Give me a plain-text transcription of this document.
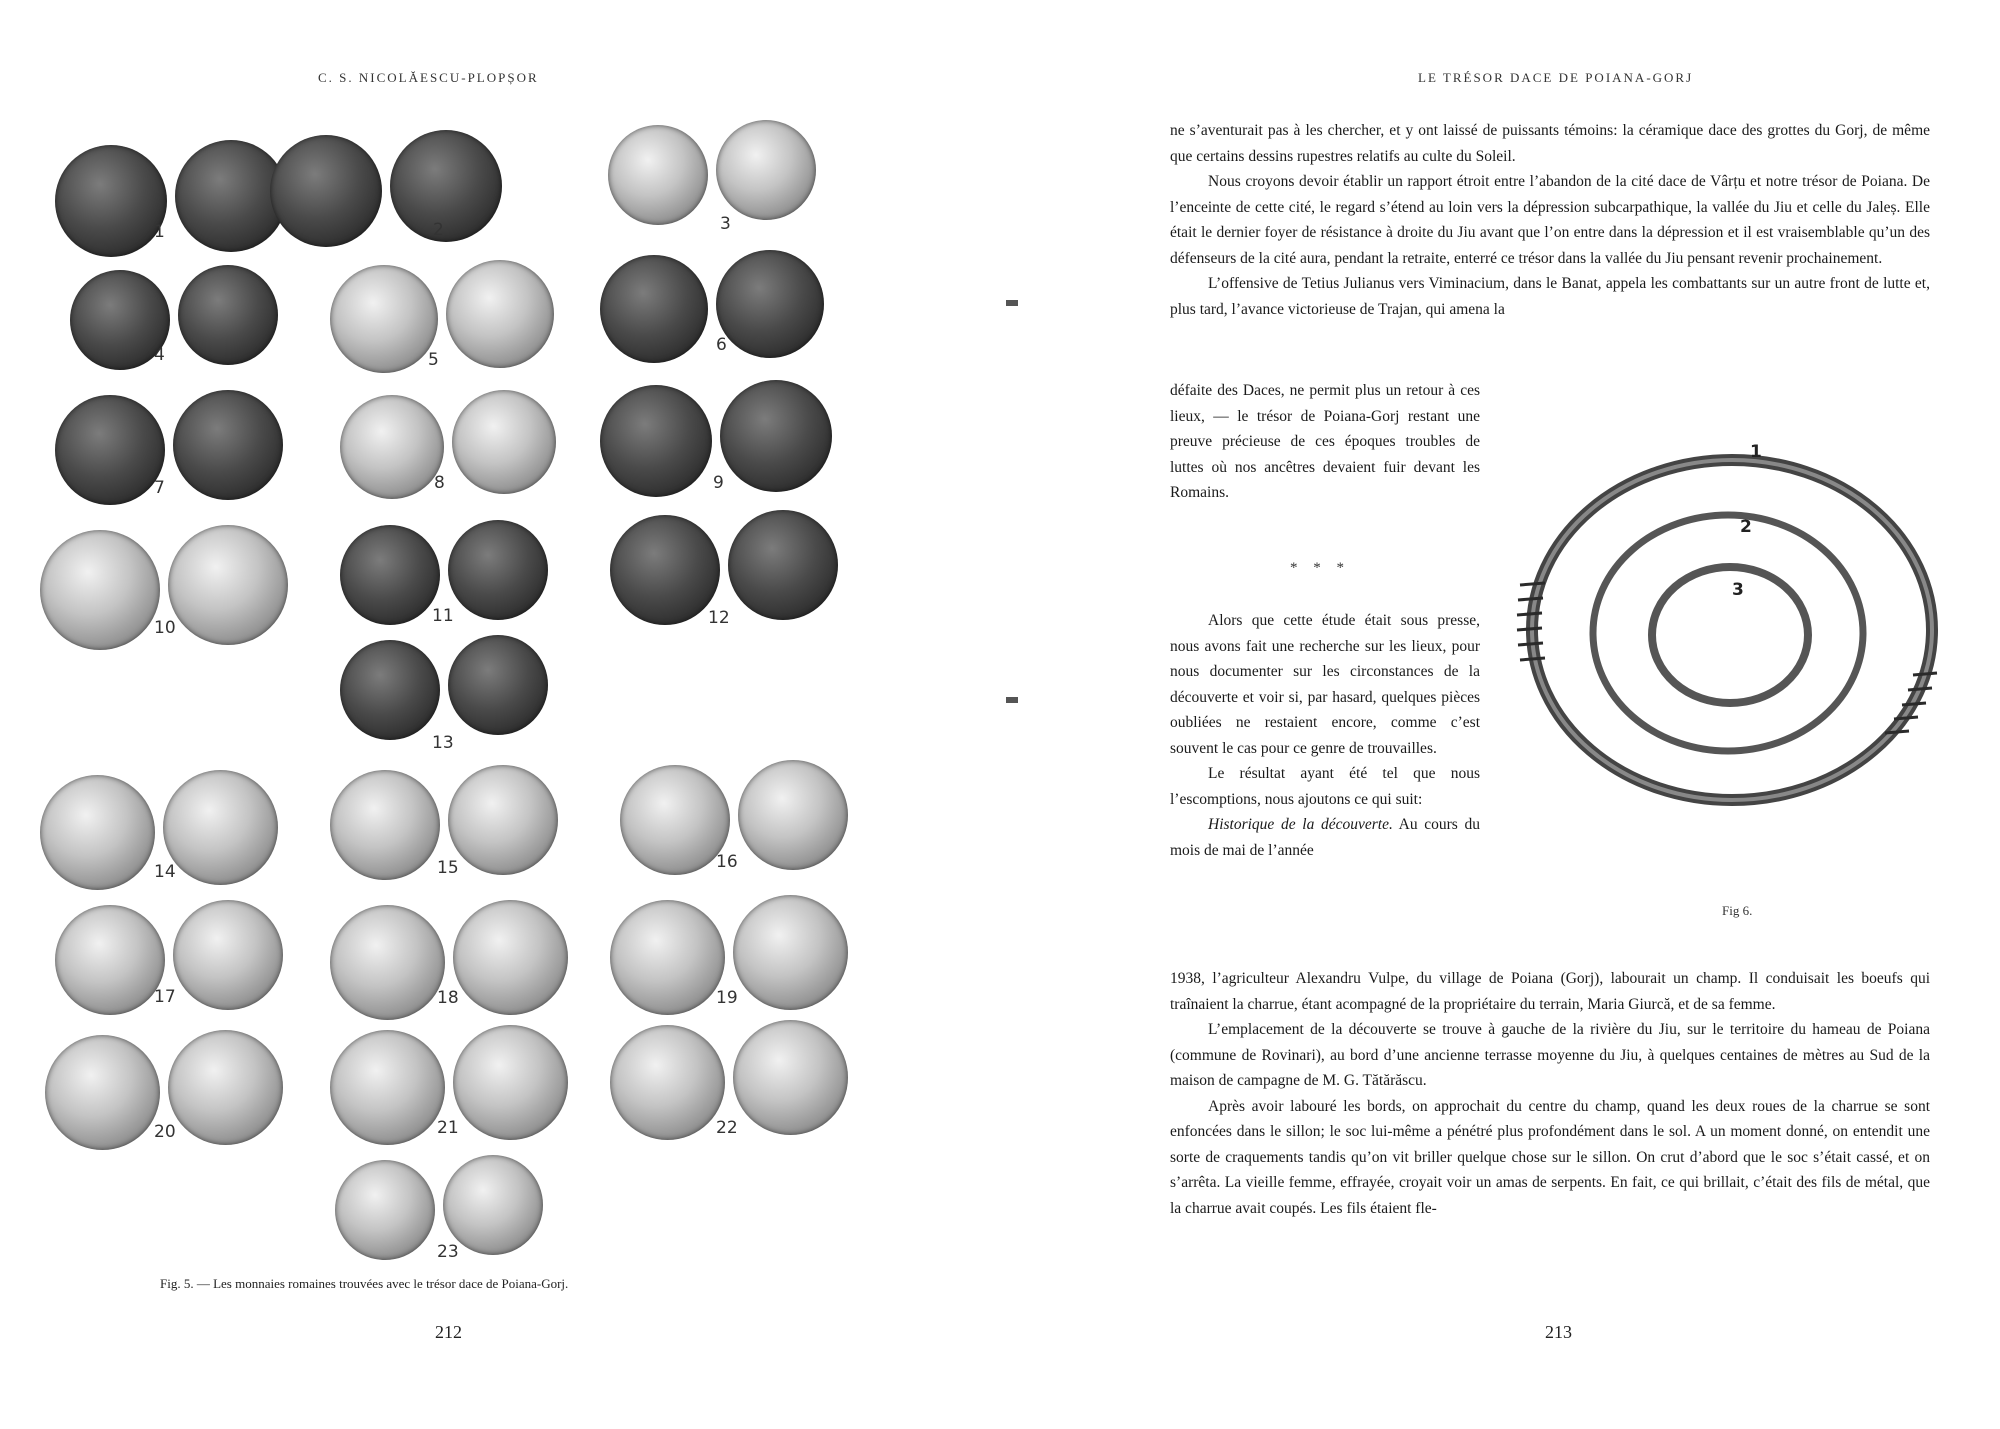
C. S. NICOLĂESCU-PLOPȘOR
1	2	3
4	5
6
7	8	9
10
11	12
13
14	15	16
17	18	19
20	21	22
23
Fig. 5. — Les monnaies romaines trouvées avec le trésor dace de Poiana-Gorj.
212
LE TRÉSOR DACE DE POIANA-GORJ
213

ne s’aventurait pas à les chercher, et y ont laissé de puissants témoins: la céramique dace des grottes du Gorj, de même que certains dessins rupestres relatifs au culte du Soleil.

Nous croyons devoir établir un rapport étroit entre l’abandon de la cité dace de Vârțu et notre trésor de Poiana. De l’enceinte de cette cité, le regard s’étend au loin vers la dépression subcarpathique, la vallée du Jiu et celle du Jaleș. Elle était le dernier foyer de résistance à droite du Jiu avant que l’on entre dans la dépression et il est vraisemblable qu’un des défenseurs de la cité aura, pendant la retraite, enterré ce trésor dans la vallée du Jiu pensant revenir prochainement.

L’offensive de Tetius Julianus vers Viminacium, dans le Banat, appela les combattants sur un autre front de lutte et, plus tard, l’avance victorieuse de Trajan, qui amena la

défaite des Daces, ne permit plus un retour à ces lieux, — le trésor de Poiana-Gorj restant une preuve précieuse de ces époques troubles de luttes où nos ancêtres devaient fuir devant les Romains.

* * *

Alors que cette étude était sous presse, nous avons fait une recherche sur les lieux, pour nous documenter sur les circonstances de la découverte et voir si, par hasard, quelques pièces oubliées ne restaient encore, comme c’est souvent le cas pour ce genre de trouvailles.

Le résultat ayant été tel que nous l’escomptions, nous ajoutons ce qui suit:

Historique de la découverte. Au cours du mois de mai de l’année

1938, l’agriculteur Alexandru Vulpe, du village de Poiana (Gorj), labourait un champ. Il conduisait les boeufs qui traînaient la charrue, étant acompagné de la propriétaire du terrain, Maria Giurcă, et de sa femme.

L’emplacement de la découverte se trouve à gauche de la rivière du Jiu, sur le territoire du hameau de Poiana (commune de Rovinari), au bord d’une ancienne terrasse moyenne du Jiu, à quelques centaines de mètres au Sud de la maison de campagne de M. G. Tătărăscu.

Après avoir labouré les bords, on approchait du centre du champ, quand les deux roues de la charrue se sont enfoncées dans le sillon; le soc lui-même a pénétré plus profondément dans le sol. A un moment donné, on entendit une sorte de craquements tandis qu’on vit briller quelque chose sur le sillon. On crut d’abord que le soc s’était cassé, et on s’arrêta. La vieille femme, effrayée, croyait voir un amas de serpents. En fait, ce qui brillait, c’était des fils de métal, que la charrue avait coupés. Les fils étaient fle-

1
2
3
Fig 6.
